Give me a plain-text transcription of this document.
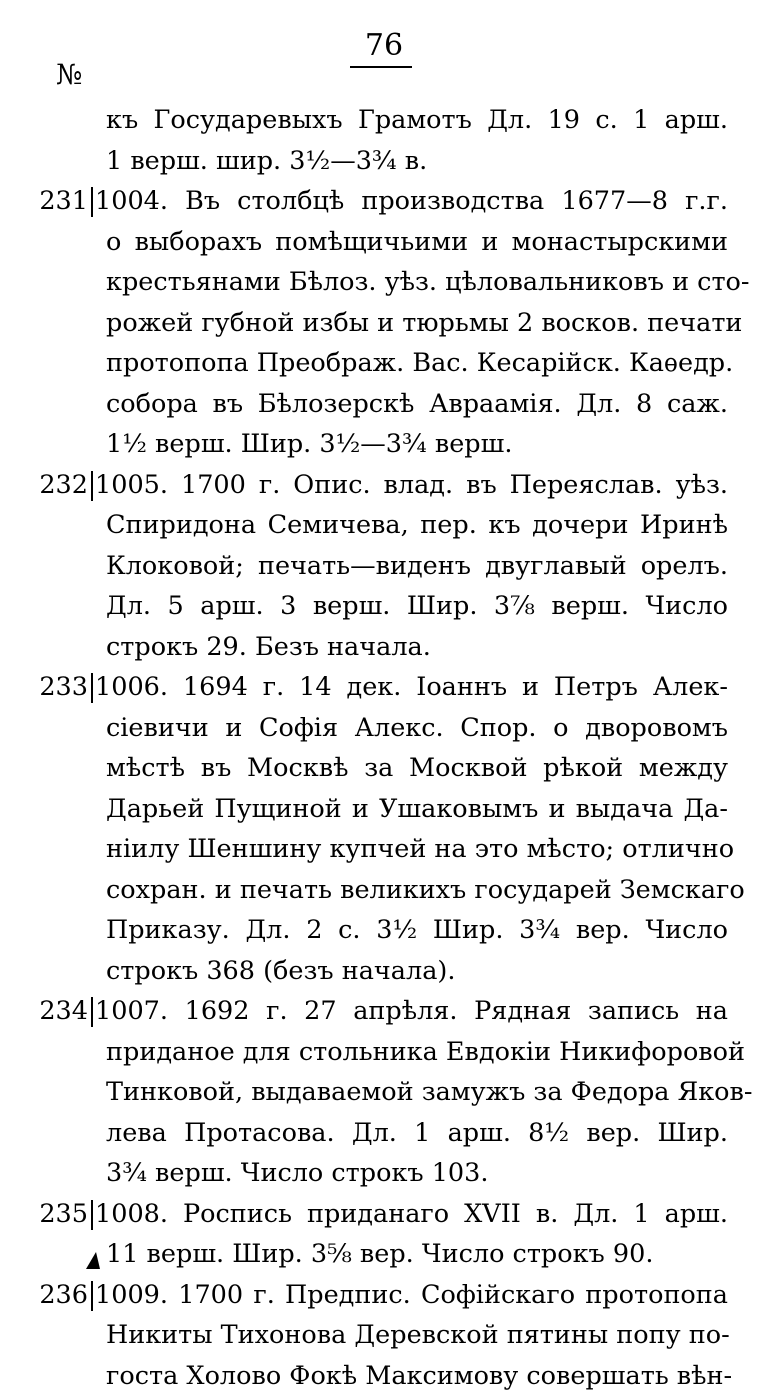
76
№
къ Государевыхъ Грамотъ Дл. 19 с. 1 арш.
1 верш. шир. 3½—3¾ в.
231 1004. Въ столбцѣ производства 1677—8 г.г.
о выборахъ помѣщичьими и монастырскими
крестьянами Бѣлоз. уѣз. цѣловальниковъ и сто-
рожей губной избы и тюрьмы 2 восков. печати
протопопа Преображ. Вас. Кесарійск. Каѳедр.
собора въ Бѣлозерскѣ Авраамія. Дл. 8 саж.
1½ верш. Шир. 3½—3¾ верш.
232 1005. 1700 г. Опис. влад. въ Переяслав. уѣз.
Спиридона Семичева, пер. къ дочери Иринѣ
Клоковой; печать—виденъ двуглавый орелъ.
Дл. 5 арш. 3 верш. Шир. 3⅞ верш. Число
строкъ 29. Безъ начала.
233 1006. 1694 г. 14 дек. Іоаннъ и Петръ Алек-
сіевичи и Софія Алекс. Спор. о дворовомъ
мѣстѣ въ Москвѣ за Москвой рѣкой между
Дарьей Пущиной и Ушаковымъ и выдача Да-
ніилу Шеншину купчей на это мѣсто; отлично
сохран. и печать великихъ государей Земскаго
Приказу. Дл. 2 с. 3½ Шир. 3¾ вер. Число
строкъ 368 (безъ начала).
234 1007. 1692 г. 27 апрѣля. Рядная запись на
приданое для стольника Евдокіи Никифоровой
Тинковой, выдаваемой замужъ за Федора Яков-
лева Протасова. Дл. 1 арш. 8½ вер. Шир.
3¾ верш. Число строкъ 103.
235 1008. Роспись приданаго XVII в. Дл. 1 арш.
11 верш. Шир. 3⅝ вер. Число строкъ 90.
236 1009. 1700 г. Предпис. Софійскаго протопопа
Никиты Тихонова Деревской пятины попу по-
госта Холово Фокѣ Максимову совершать вѣн-
